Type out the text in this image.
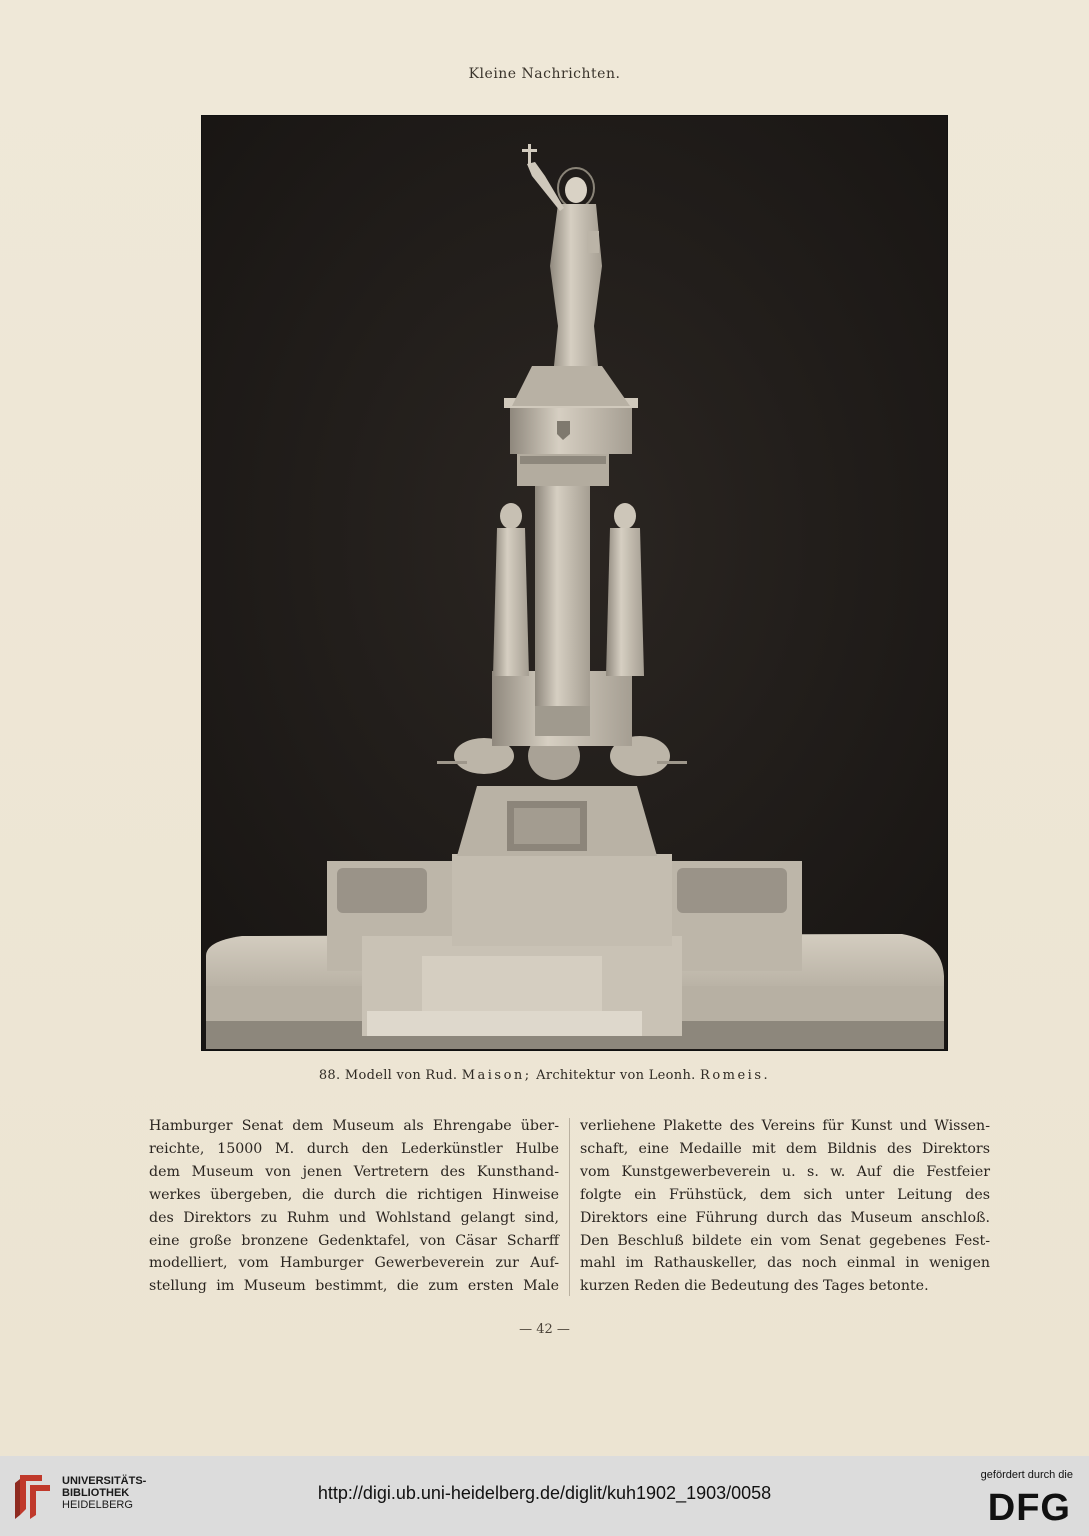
Kleine Nachrichten.
88. Modell von Rud. Maison; Architektur von Leonh. Romeis.
Hamburger Senat dem Museum als Ehrengabe über-
reichte, 15000 M. durch den Lederkünstler Hulbe
dem Museum von jenen Vertretern des Kunsthand-
werkes übergeben, die durch die richtigen Hinweise
des Direktors zu Ruhm und Wohlstand gelangt sind,
eine große bronzene Gedenktafel, von Cäsar Scharff
modelliert, vom Hamburger Gewerbeverein zur Auf-
stellung im Museum bestimmt, die zum ersten Male
verliehene Plakette des Vereins für Kunst und Wissen-
schaft, eine Medaille mit dem Bildnis des Direktors
vom Kunstgewerbeverein u. s. w. Auf die Festfeier
folgte ein Frühstück, dem sich unter Leitung des
Direktors eine Führung durch das Museum anschloß.
Den Beschluß bildete ein vom Senat gegebenes Fest-
mahl im Rathauskeller, das noch einmal in wenigen
kurzen Reden die Bedeutung des Tages betonte.
— 42 —
UNIVERSITÄTS-
BIBLIOTHEK
HEIDELBERG
http://digi.ub.uni-heidelberg.de/diglit/kuh1902_1903/0058
gefördert durch die
DFG
